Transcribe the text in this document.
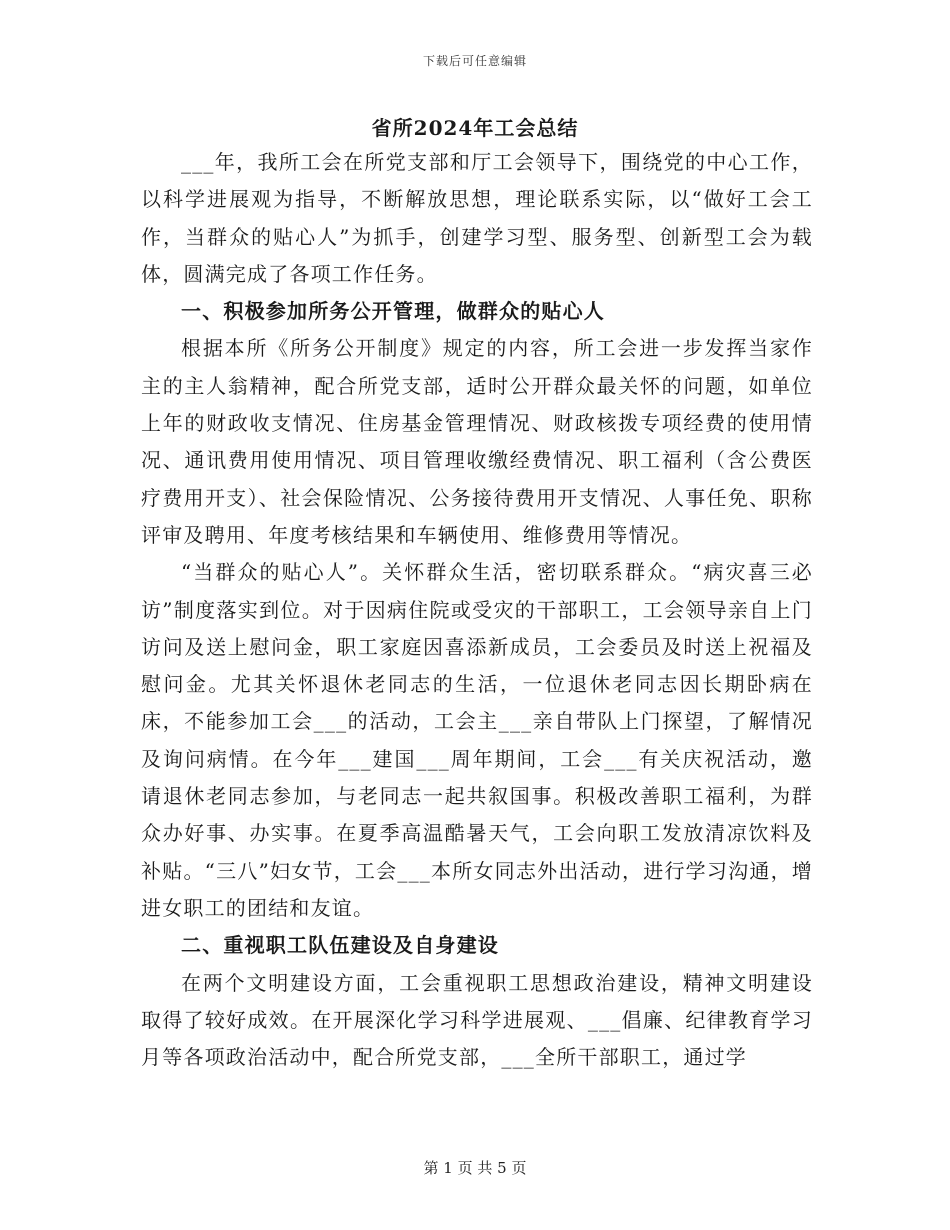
下载后可任意编辑
省所2024年工会总结

___年，我所工会在所党支部和厅工会领导下，围绕党的中心工作，以科学进展观为指导，不断解放思想，理论联系实际，以“做好工会工作，当群众的贴心人”为抓手，创建学习型、服务型、创新型工会为载体，圆满完成了各项工作任务。

一、积极参加所务公开管理，做群众的贴心人

根据本所《所务公开制度》规定的内容，所工会进一步发挥当家作主的主人翁精神，配合所党支部，适时公开群众最关怀的问题，如单位上年的财政收支情况、住房基金管理情况、财政核拨专项经费的使用情况、通讯费用使用情况、项目管理收缴经费情况、职工福利（含公费医疗费用开支）、社会保险情况、公务接待费用开支情况、人事任免、职称评审及聘用、年度考核结果和车辆使用、维修费用等情况。

“当群众的贴心人”。关怀群众生活，密切联系群众。“病灾喜三必访”制度落实到位。对于因病住院或受灾的干部职工，工会领导亲自上门访问及送上慰问金，职工家庭因喜添新成员，工会委员及时送上祝福及慰问金。尤其关怀退休老同志的生活，一位退休老同志因长期卧病在床，不能参加工会___的活动，工会主___亲自带队上门探望，了解情况及询问病情。在今年___建国___周年期间，工会___有关庆祝活动，邀请退休老同志参加，与老同志一起共叙国事。积极改善职工福利，为群众办好事、办实事。在夏季高温酷暑天气，工会向职工发放清凉饮料及补贴。“三八”妇女节，工会___本所女同志外出活动，进行学习沟通，增进女职工的团结和友谊。

二、重视职工队伍建设及自身建设

在两个文明建设方面，工会重视职工思想政治建设，精神文明建设取得了较好成效。在开展深化学习科学进展观、___倡廉、纪律教育学习月等各项政治活动中，配合所党支部，___全所干部职工，通过学

第 1 页 共 5 页
